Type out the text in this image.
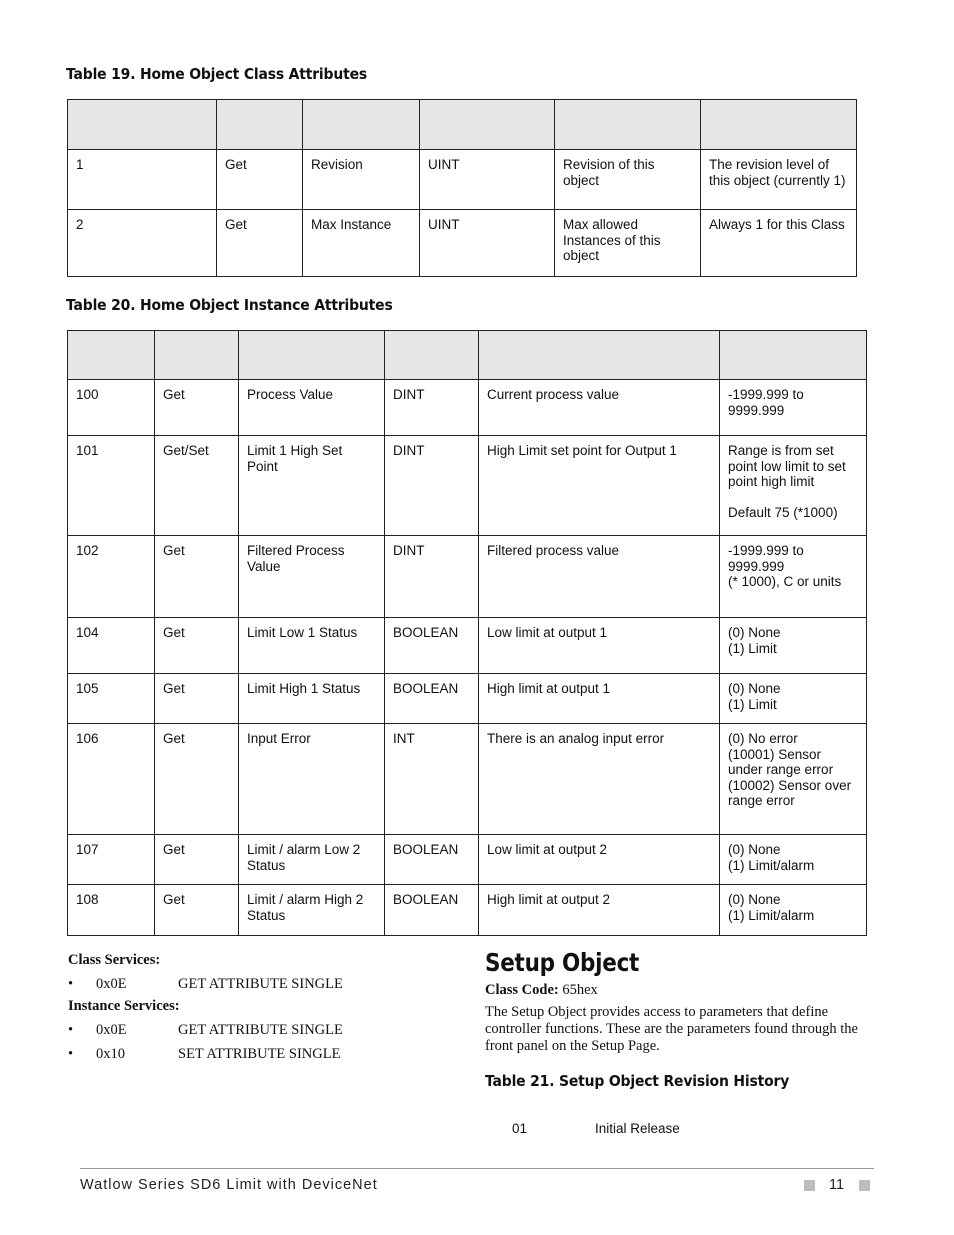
Table 19. Home Object Class Attributes

1	Get	Revision	UINT	Revision of this object	The revision level of
this object (currently 1)
2	Get	Max Instance	UINT	Max allowed
Instances of this
object	Always 1 for this Class
Table 20. Home Object Instance Attributes

100	Get	Process Value	DINT	Current process value	-1999.999 to
9999.999
101	Get/Set	Limit 1 High Set
Point	DINT	High Limit set point for Output 1	Range is from set
point low limit to set
point high limit

Default 75 (*1000)
102	Get	Filtered Process
Value	DINT	Filtered process value	-1999.999 to
9999.999
(* 1000), C or units
104	Get	Limit Low 1 Status	BOOLEAN	Low limit at output 1	(0) None
(1) Limit
105	Get	Limit High 1 Status	BOOLEAN	High limit at output 1	(0) None
(1) Limit
106	Get	Input Error	INT	There is an analog input error	(0) No error
(10001) Sensor
under range error
(10002) Sensor over
range error
107	Get	Limit / alarm Low 2
Status	BOOLEAN	Low limit at output 2	(0) None
(1) Limit/alarm
108	Get	Limit / alarm High 2
Status	BOOLEAN	High limit at output 2	(0) None
(1) Limit/alarm

Class Services:

• 0x0E	GET ATTRIBUTE SINGLE

Instance Services:

• 0x0E	GET ATTRIBUTE SINGLE
• 0x10	SET ATTRIBUTE SINGLE
Setup Object

Class Code: 65hex

The Setup Object provides access to parameters that define controller functions. These are the parameters found through the front panel on the Setup Page.

Table 21. Setup Object Revision History
01	Initial Release
Watlow Series SD6 Limit with DeviceNet	11
